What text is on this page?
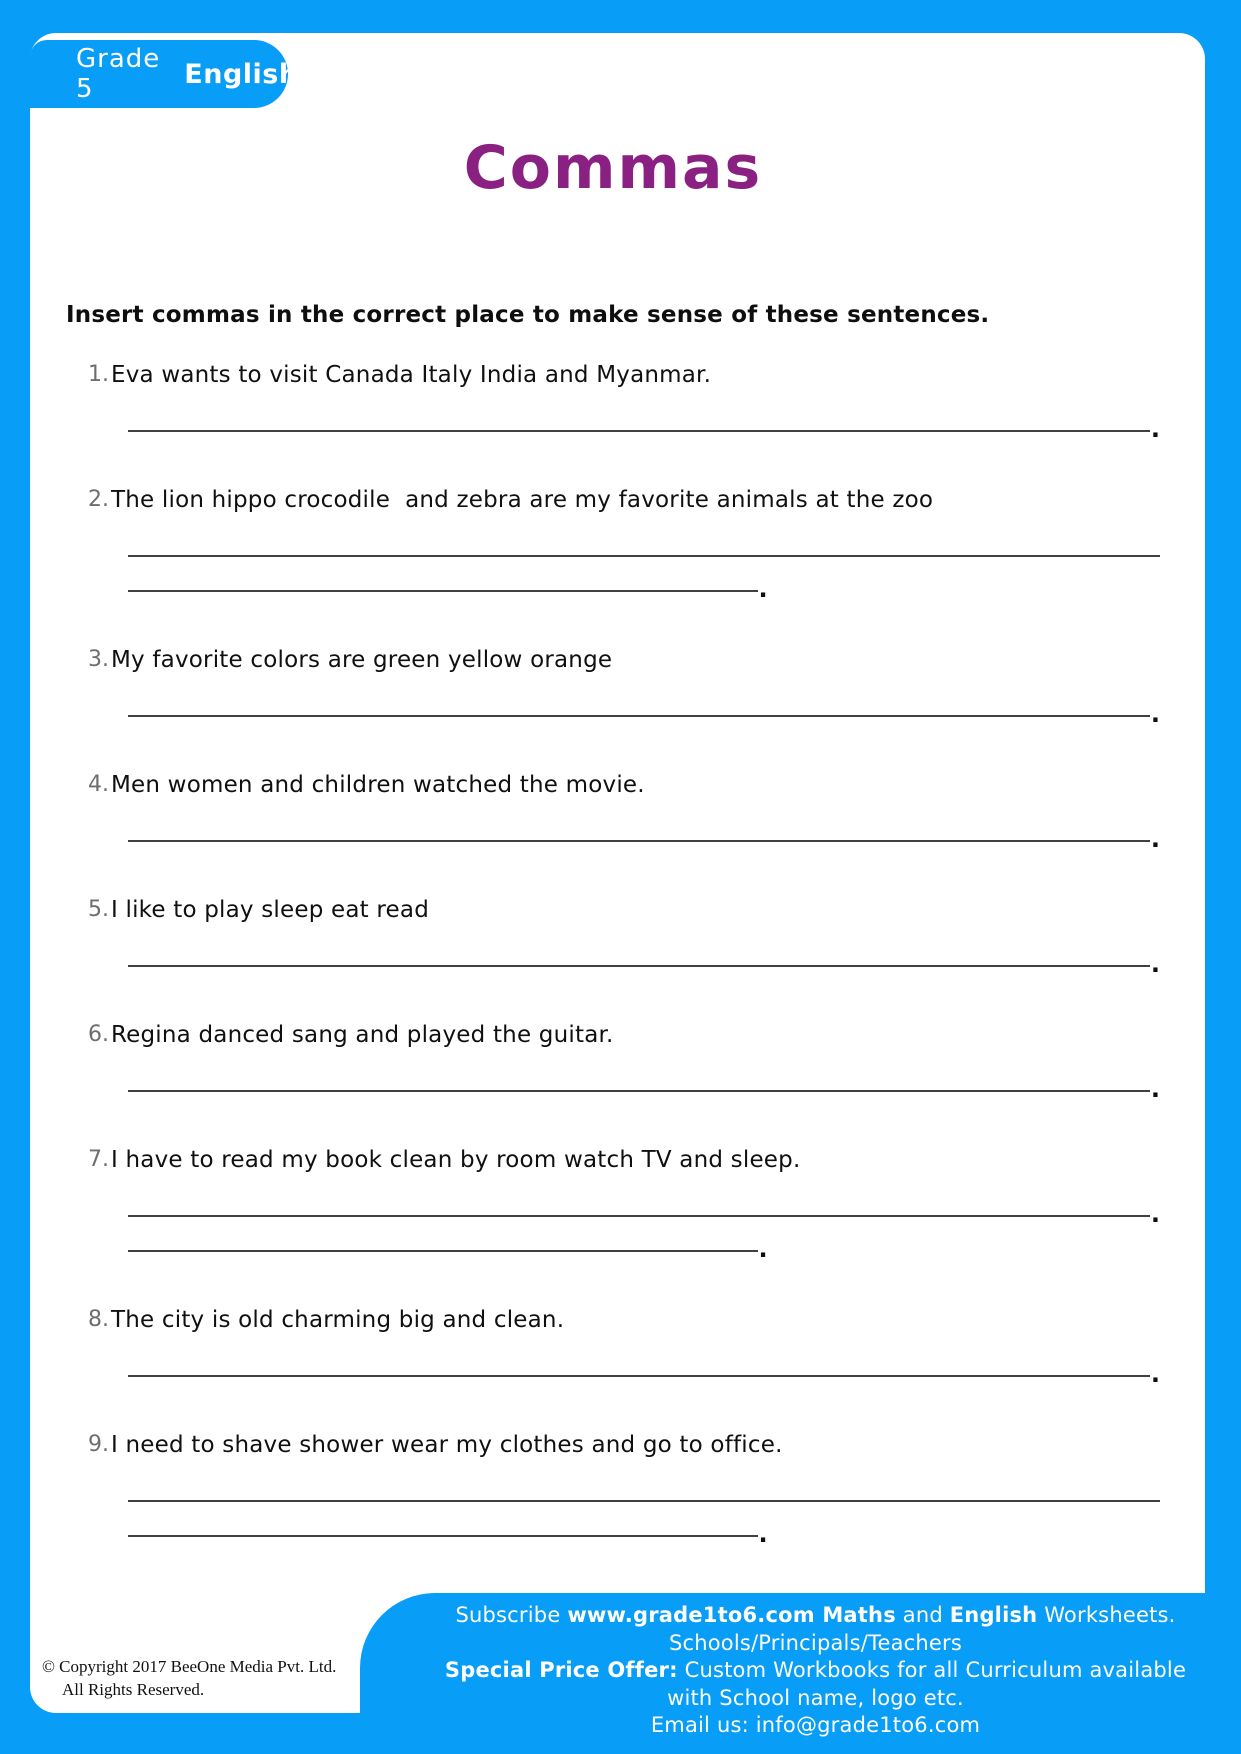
Grade 5	English
Commas

Insert commas in the correct place to make sense of these sentences.

1. Eva wants to visit Canada Italy India and Myanmar.
.
2. The lion hippo crocodile  and zebra are my favorite animals at the zoo
.
3. My favorite colors are green yellow orange
.
4. Men women and children watched the movie.
.
5. I like to play sleep eat read
.
6. Regina danced sang and played the guitar.
.
7. I have to read my book clean by room watch TV and sleep.
.
.
8. The city is old charming big and clean.
.
9. I need to shave shower wear my clothes and go to office.
.
© Copyright 2017 BeeOne Media Pvt. Ltd.
All Rights Reserved.
Subscribe www.grade1to6.com Maths and English Worksheets.
Schools/Principals/Teachers
Special Price Offer: Custom Workbooks for all Curriculum available
with School name, logo etc.
Email us: info@grade1to6.com
